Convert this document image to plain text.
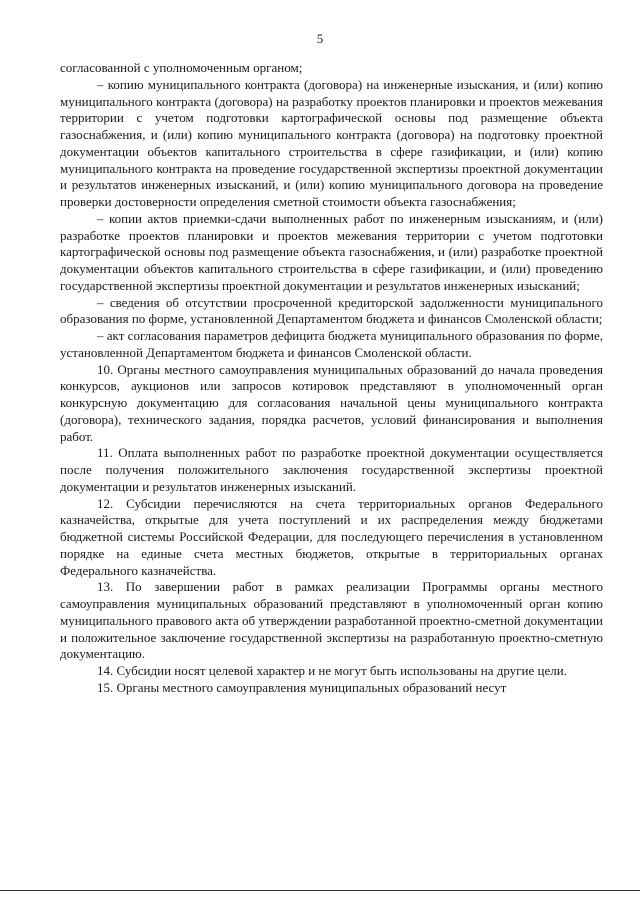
5

согласованной с уполномоченным органом;

– копию муниципального контракта (договора) на инженерные изыскания, и (или) копию муниципального контракта (договора) на разработку проектов планировки и проектов межевания территории с учетом подготовки картографической основы под размещение объекта газоснабжения, и (или) копию муниципального контракта (договора) на подготовку проектной документации объектов капитального строительства в сфере газификации, и (или) копию муниципального контракта на проведение государственной экспертизы проектной документации и результатов инженерных изысканий, и (или) копию муниципального договора на проведение проверки достоверности определения сметной стоимости объекта газоснабжения;

– копии актов приемки-сдачи выполненных работ по инженерным изысканиям, и (или) разработке проектов планировки и проектов межевания территории с учетом подготовки картографической основы под размещение объекта газоснабжения, и (или) разработке проектной документации объектов капитального строительства в сфере газификации, и (или) проведению государственной экспертизы проектной документации и результатов инженерных изысканий;

– сведения об отсутствии просроченной кредиторской задолженности муниципального образования по форме, установленной Департаментом бюджета и финансов Смоленской области;

– акт согласования параметров дефицита бюджета муниципального образования по форме, установленной Департаментом бюджета и финансов Смоленской области.

10. Органы местного самоуправления муниципальных образований до начала проведения конкурсов, аукционов или запросов котировок представляют в уполномоченный орган конкурсную документацию для согласования начальной цены муниципального контракта (договора), технического задания, порядка расчетов, условий финансирования и выполнения работ.

11. Оплата выполненных работ по разработке проектной документации осуществляется после получения положительного заключения государственной экспертизы проектной документации и результатов инженерных изысканий.

12. Субсидии перечисляются на счета территориальных органов Федерального казначейства, открытые для учета поступлений и их распределения между бюджетами бюджетной системы Российской Федерации, для последующего перечисления в установленном порядке на единые счета местных бюджетов, открытые в территориальных органах Федерального казначейства.

13. По завершении работ в рамках реализации Программы органы местного самоуправления муниципальных образований представляют в уполномоченный орган копию муниципального правового акта об утверждении разработанной проектно-сметной документации и положительное заключение государственной экспертизы на разработанную проектно-сметную документацию.

14. Субсидии носят целевой характер и не могут быть использованы на другие цели.

15. Органы местного самоуправления муниципальных образований несут
